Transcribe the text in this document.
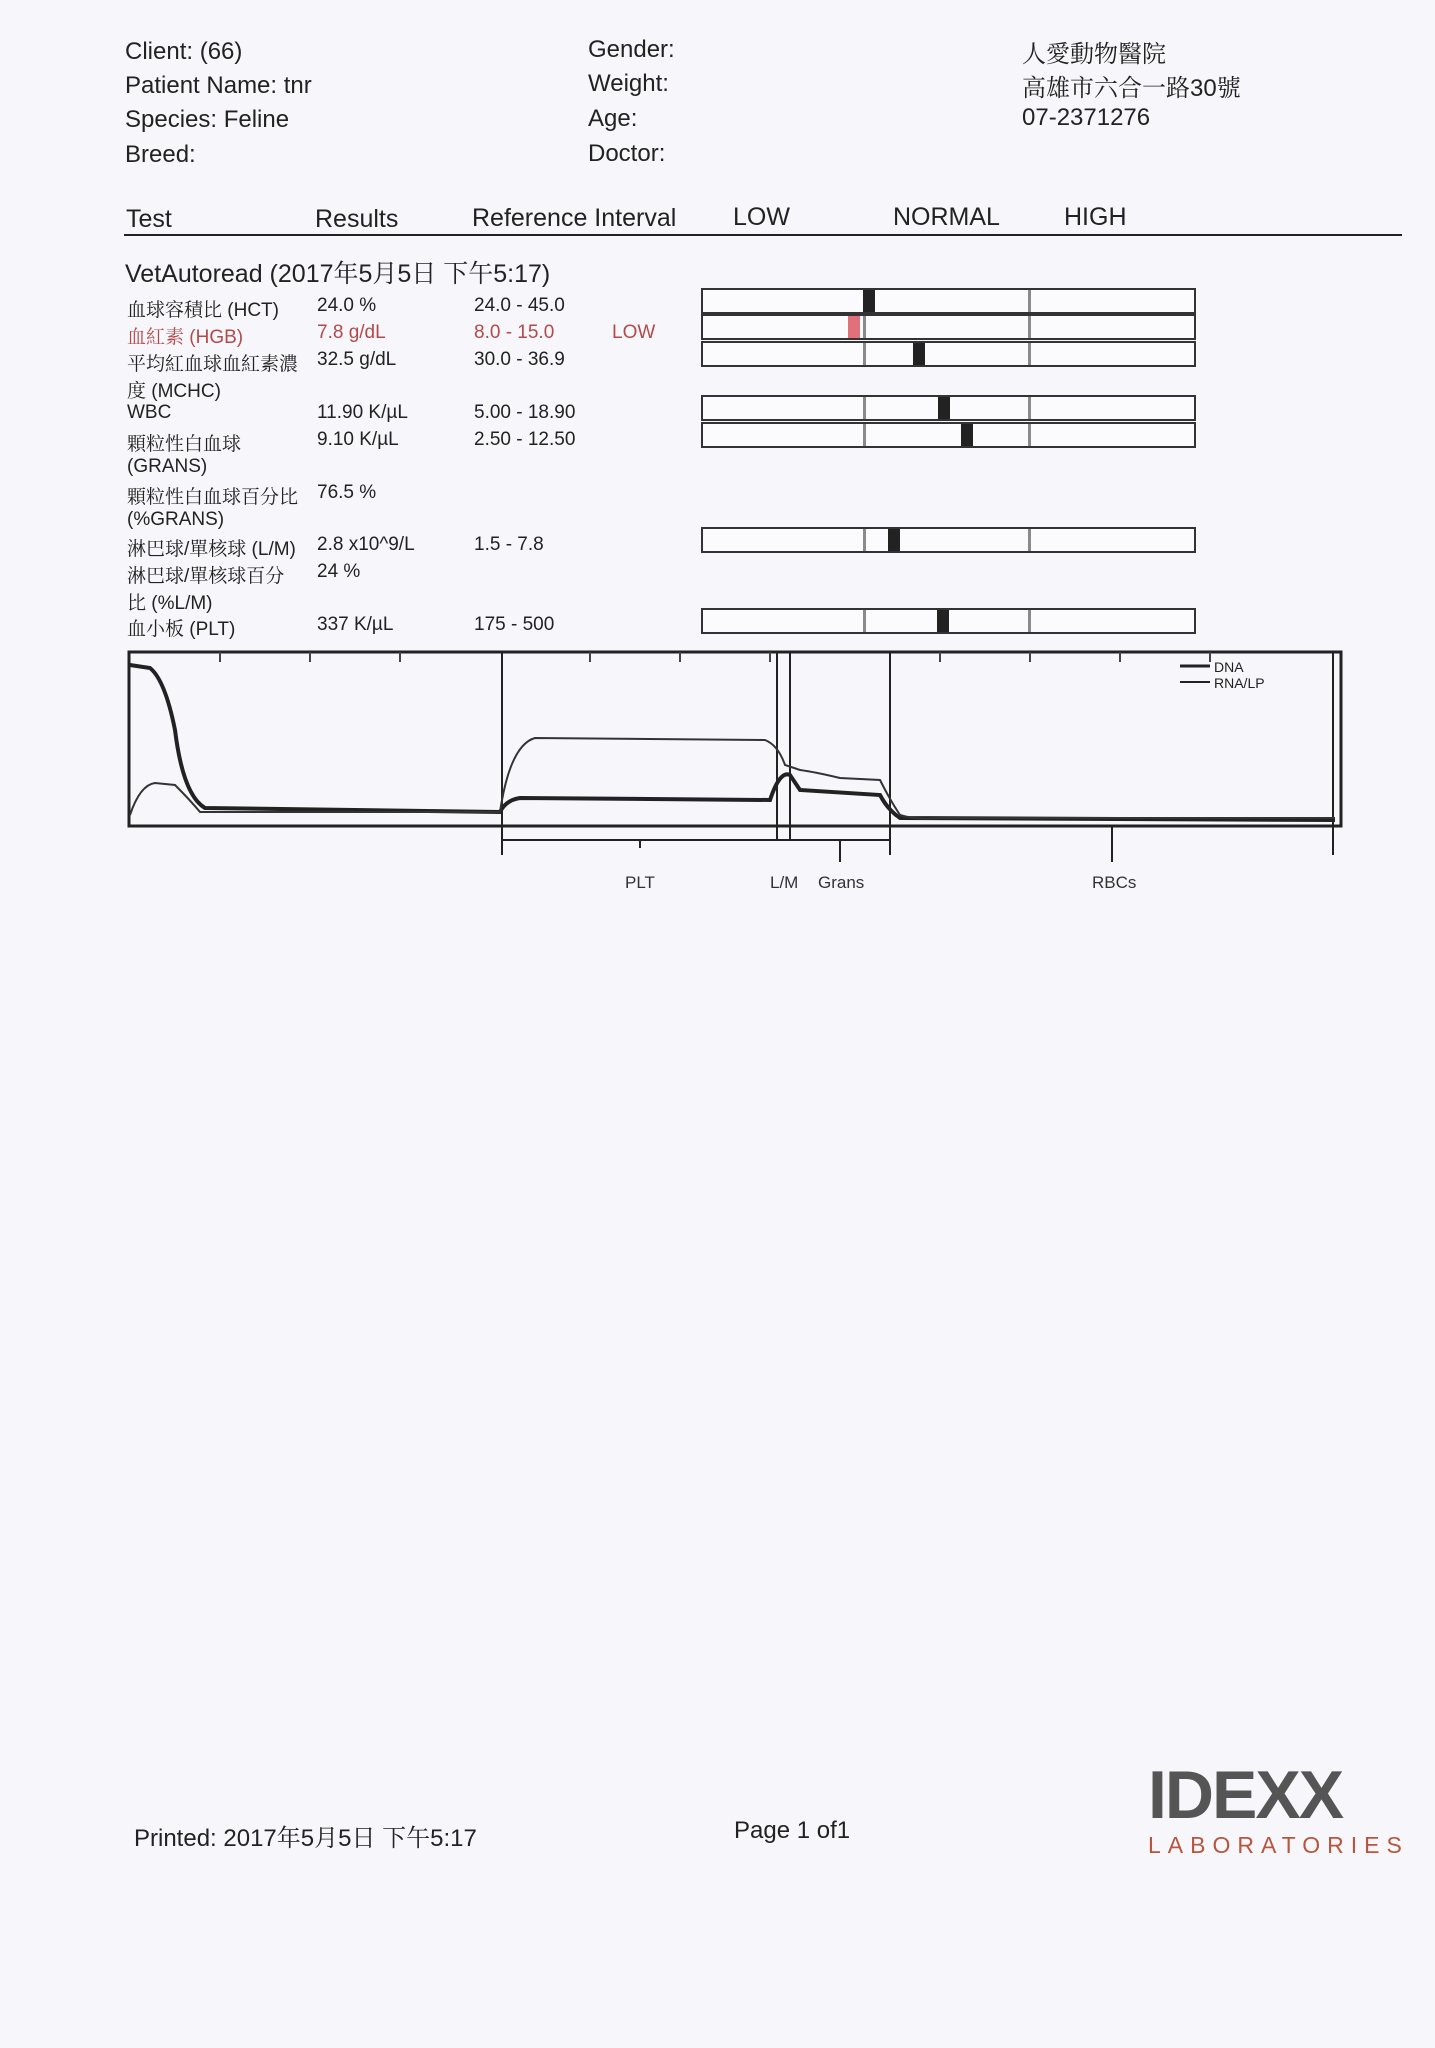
Client: (66)
Patient Name: tnr
Species: Feline
Breed:
Gender:
Weight:
Age:
Doctor:
人愛動物醫院
高雄市六合一路30號
07-2371276
Test	Results	Reference Interval LOW	NORMAL	HIGH
VetAutoread (2017年5月5日 下午5:17)
血球容積比 (HCT) 24.0 %	24.0 - 45.0
血紅素 (HGB)	7.8 g/dL	8.0 - 15.0	LOW
平均紅血球血紅素濃
度 (MCHC)
32.5 g/dL	30.0 - 36.9
WBC	11.90 K/µL	5.00 - 18.90
顆粒性白血球
(GRANS)
9.10 K/µL	2.50 - 12.50
顆粒性白血球百分比
(%GRANS)
76.5 %
淋巴球/單核球 (L/M) 2.8 x10^9/L	1.5 - 7.8
淋巴球/單核球百分
比 (%L/M)
24 %
血小板 (PLT)	337 K/µL	175 - 500
DNA
RNA/LP
PLT	L/M Grans	RBCs
Printed: 2017年5月5日 下午5:17	Page 1 of1	IDEXX
LABORATORIES
